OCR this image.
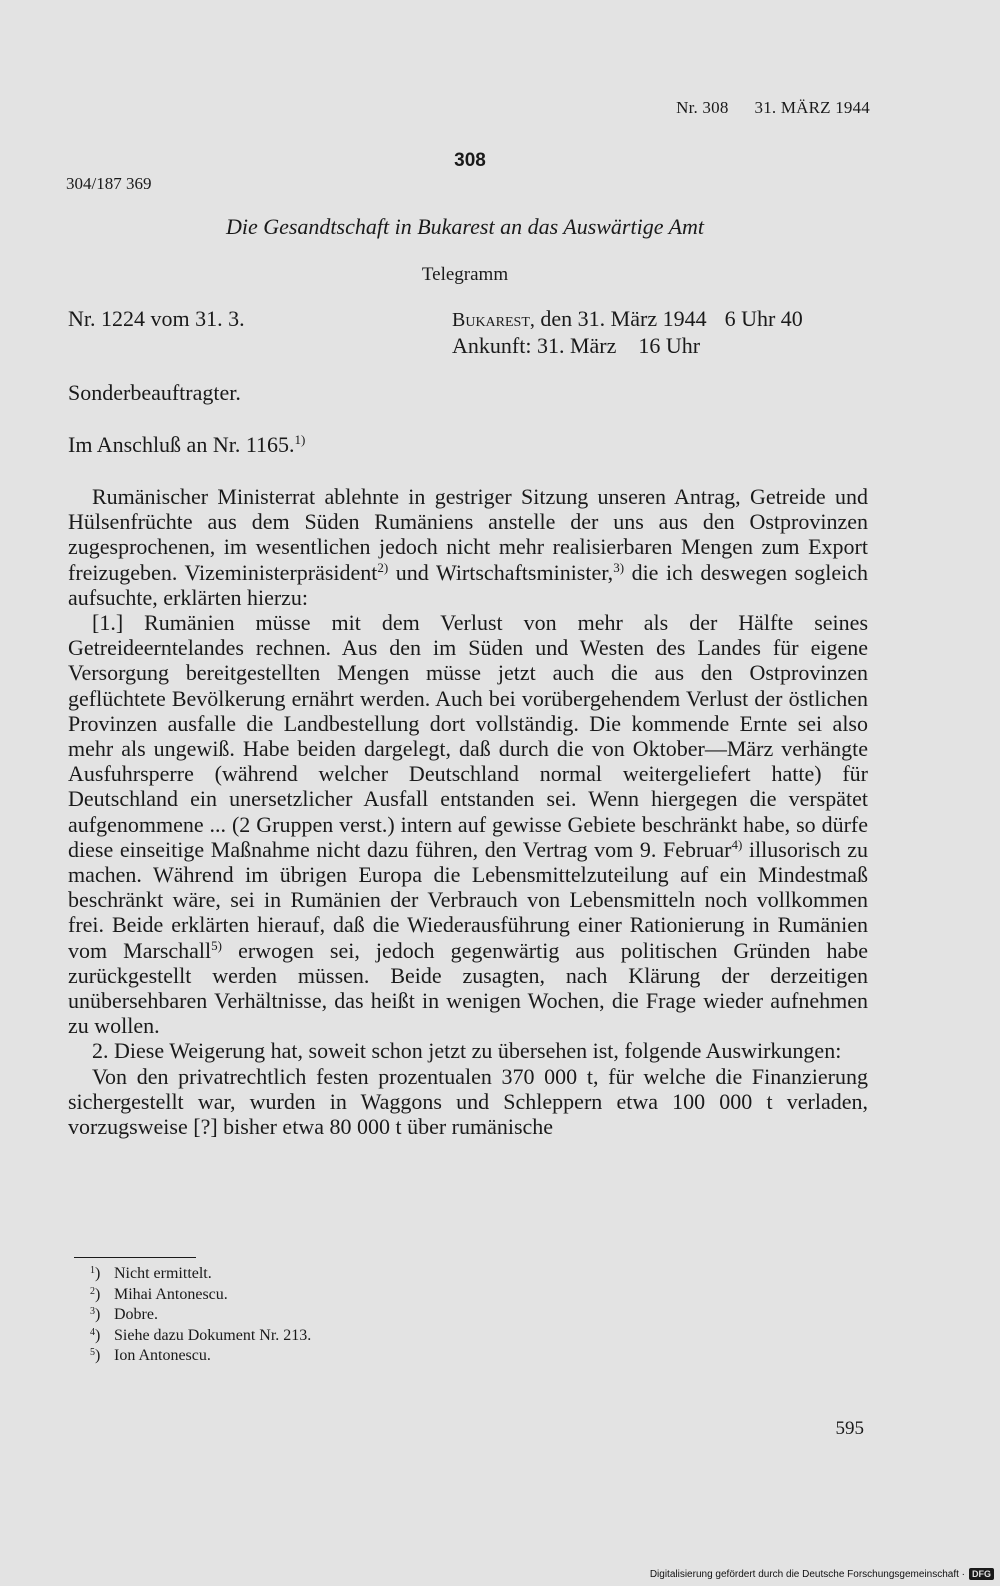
Nr. 308 31. MÄRZ 1944
308
304/187 369
Die Gesandtschaft in Bukarest an das Auswärtige Amt
Telegramm
Nr. 1224 vom 31. 3.	Bukarest, den 31. März 1944 6 Uhr 40
Ankunft: 31. März 16 Uhr
Sonderbeauftragter.
Im Anschluß an Nr. 1165.$^{1)}$

Rumänischer Ministerrat ablehnte in gestriger Sitzung unseren Antrag, Getreide und Hülsenfrüchte aus dem Süden Rumäniens anstelle der uns aus den Ostprovinzen zugesprochenen, im wesentlichen jedoch nicht mehr realisierbaren Mengen zum Export freizugeben. Vizeministerpräsident$^{2)}$ und Wirtschaftsminister,$^{3)}$ die ich deswegen sogleich aufsuchte, erklärten hierzu:

[1.] Rumänien müsse mit dem Verlust von mehr als der Hälfte seines Getreideerntelandes rechnen. Aus den im Süden und Westen des Landes für eigene Versorgung bereitgestellten Mengen müsse jetzt auch die aus den Ostprovinzen geflüchtete Bevölkerung ernährt werden. Auch bei vorübergehendem Verlust der östlichen Provinzen ausfalle die Landbestellung dort vollständig. Die kommende Ernte sei also mehr als ungewiß. Habe beiden dargelegt, daß durch die von Oktober—März verhängte Ausfuhrsperre (während welcher Deutschland normal weitergeliefert hatte) für Deutschland ein unersetzlicher Ausfall entstanden sei. Wenn hiergegen die verspätet aufgenommene ... (2 Gruppen verst.) intern auf gewisse Gebiete beschränkt habe, so dürfe diese einseitige Maßnahme nicht dazu führen, den Vertrag vom 9. Februar$^{4)}$ illusorisch zu machen. Während im übrigen Europa die Lebensmittelzuteilung auf ein Mindestmaß beschränkt wäre, sei in Rumänien der Verbrauch von Lebensmitteln noch vollkommen frei. Beide erklärten hierauf, daß die Wiederausführung einer Rationierung in Rumänien vom Marschall$^{5)}$ erwogen sei, jedoch gegenwärtig aus politischen Gründen habe zurückgestellt werden müssen. Beide zusagten, nach Klärung der derzeitigen unübersehbaren Verhältnisse, das heißt in wenigen Wochen, die Frage wieder aufnehmen zu wollen.

2. Diese Weigerung hat, soweit schon jetzt zu übersehen ist, folgende Auswirkungen:

Von den privatrechtlich festen prozentualen 370 000 t, für welche die Finanzierung sichergestellt war, wurden in Waggons und Schleppern etwa 100 000 t verladen, vorzugsweise [?] bisher etwa 80 000 t über rumänische

$^1$) Nicht ermittelt.
$^2$) Mihai Antonescu.
$^3$) Dobre.
$^4$) Siehe dazu Dokument Nr. 213.
$^5$) Ion Antonescu.
595
Digitalisierung gefördert durch die Deutsche Forschungsgemeinschaft · DFG
